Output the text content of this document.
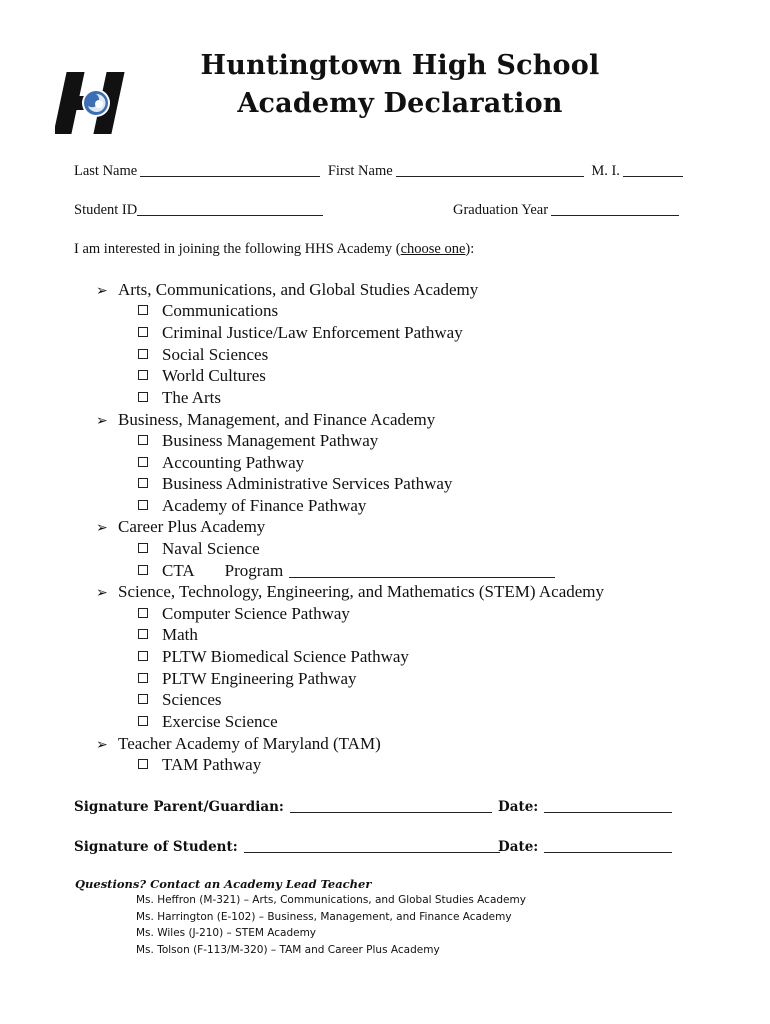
Huntingtown High School
Academy Declaration
Last Name	First Name	M. I.
Student ID	Graduation Year
I am interested in joining the following HHS Academy (choose one):
➢ Arts, Communications, and Global Studies Academy
Communications
Criminal Justice/Law Enforcement Pathway
Social Sciences
World Cultures
The Arts
➢ Business, Management, and Finance Academy
Business Management Pathway
Accounting Pathway
Business Administrative Services Pathway
Academy of Finance Pathway
➢ Career Plus Academy
Naval Science
CTA Program
➢ Science, Technology, Engineering, and Mathematics (STEM) Academy
Computer Science Pathway
Math
PLTW Biomedical Science Pathway
PLTW Engineering Pathway
Sciences
Exercise Science
➢ Teacher Academy of Maryland (TAM)
TAM Pathway
Signature Parent/Guardian:	Date:
Signature of Student:	Date:
Questions? Contact an Academy Lead Teacher
Ms. Heffron (M-321) – Arts, Communications, and Global Studies Academy
Ms. Harrington (E-102) – Business, Management, and Finance Academy
Ms. Wiles (J-210) – STEM Academy
Ms. Tolson (F-113/M-320) – TAM and Career Plus Academy
